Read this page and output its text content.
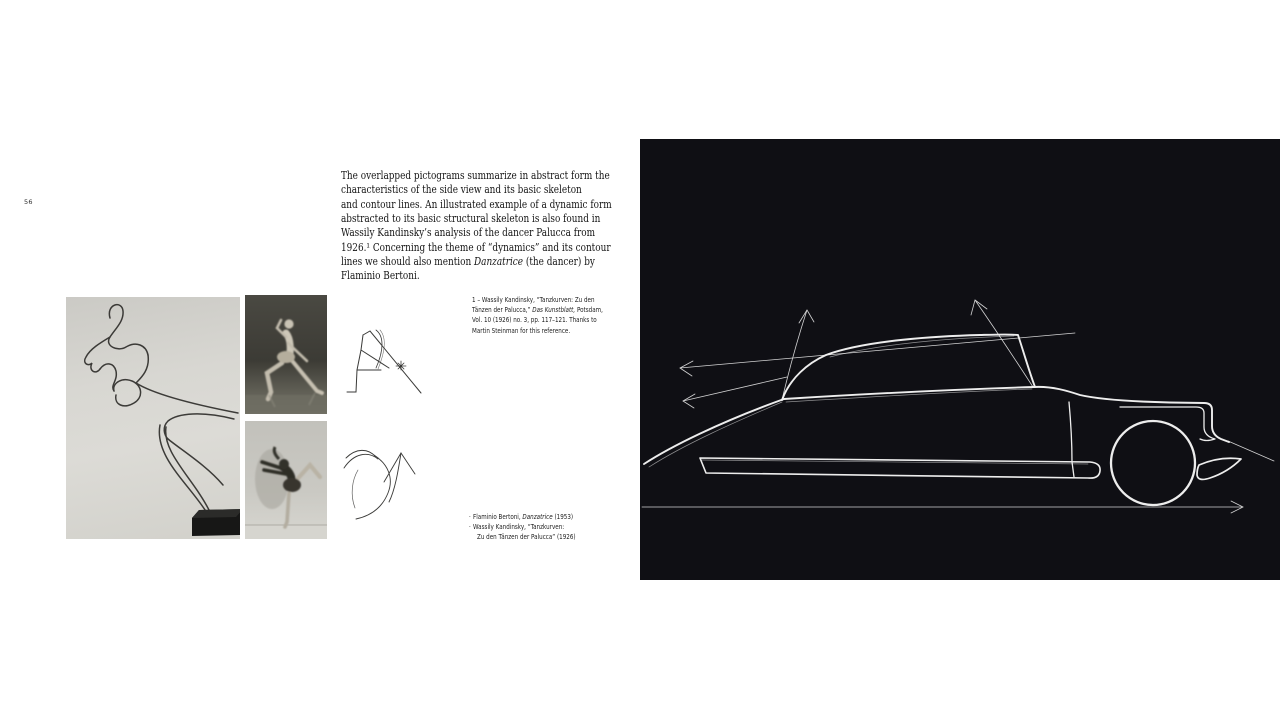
56
The overlapped pictograms summarize in abstract form the
characteristics of the side view and its basic skeleton
and contour lines. An illustrated example of a dynamic form
abstracted to its basic structural skeleton is also found in
Wassily Kandinsky’s analysis of the dancer Palucca from
1926.¹ Concerning the theme of “dynamics” and its contour
lines we should also mention Danzatrice (the dancer) by
Flaminio Bertoni.
1 – Wassily Kandinsky, “Tanzkurven: Zu den
Tänzen der Palucca,” Das Kunstblatt, Potsdam,
Vol. 10 (1926) no. 3, pp. 117–121. Thanks to
Martin Steinman for this reference.
· Flaminio Bertoni, Danzatrice (1953)
· Wassily Kandinsky, “Tanzkurven:
Zu den Tänzen der Palucca” (1926)
